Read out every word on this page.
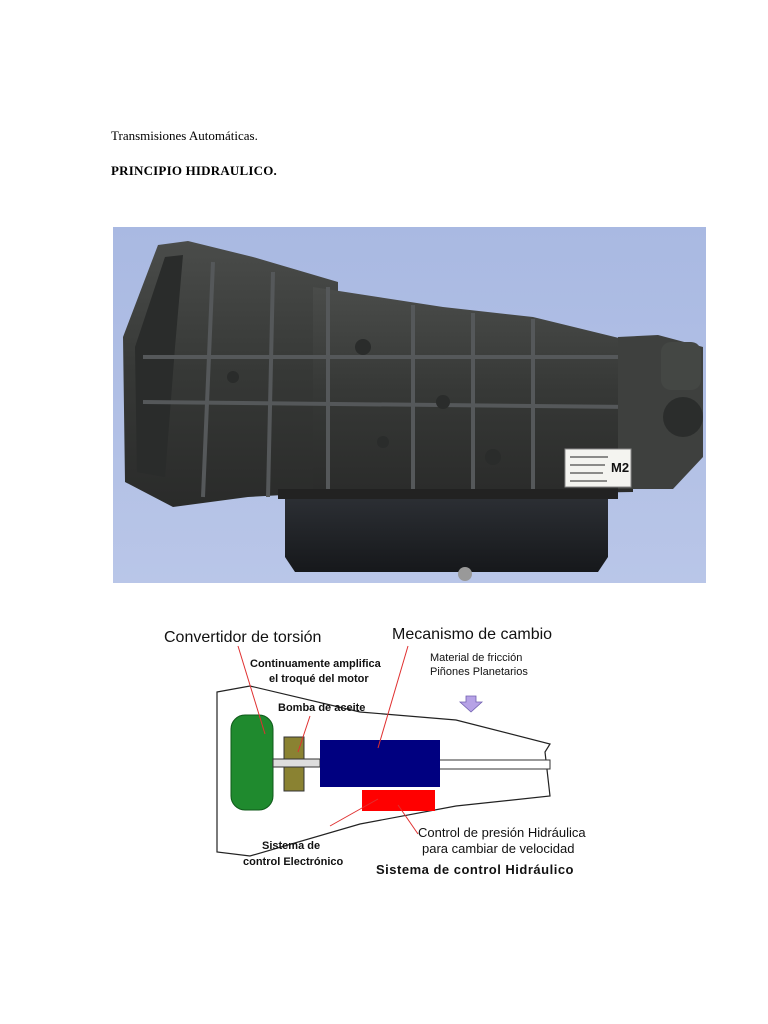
Transmisiones Automáticas.
PRINCIPIO HIDRAULICO.
M2
Convertidor de torsión
Continuamente amplifica
el troqué del motor
Bomba de aceite
Mecanismo de cambio
Material de fricción
Piñones Planetarios
Sistema de
control Electrónico
Control de presión Hidráulica
para cambiar de velocidad
Sistema de control Hidráulico
